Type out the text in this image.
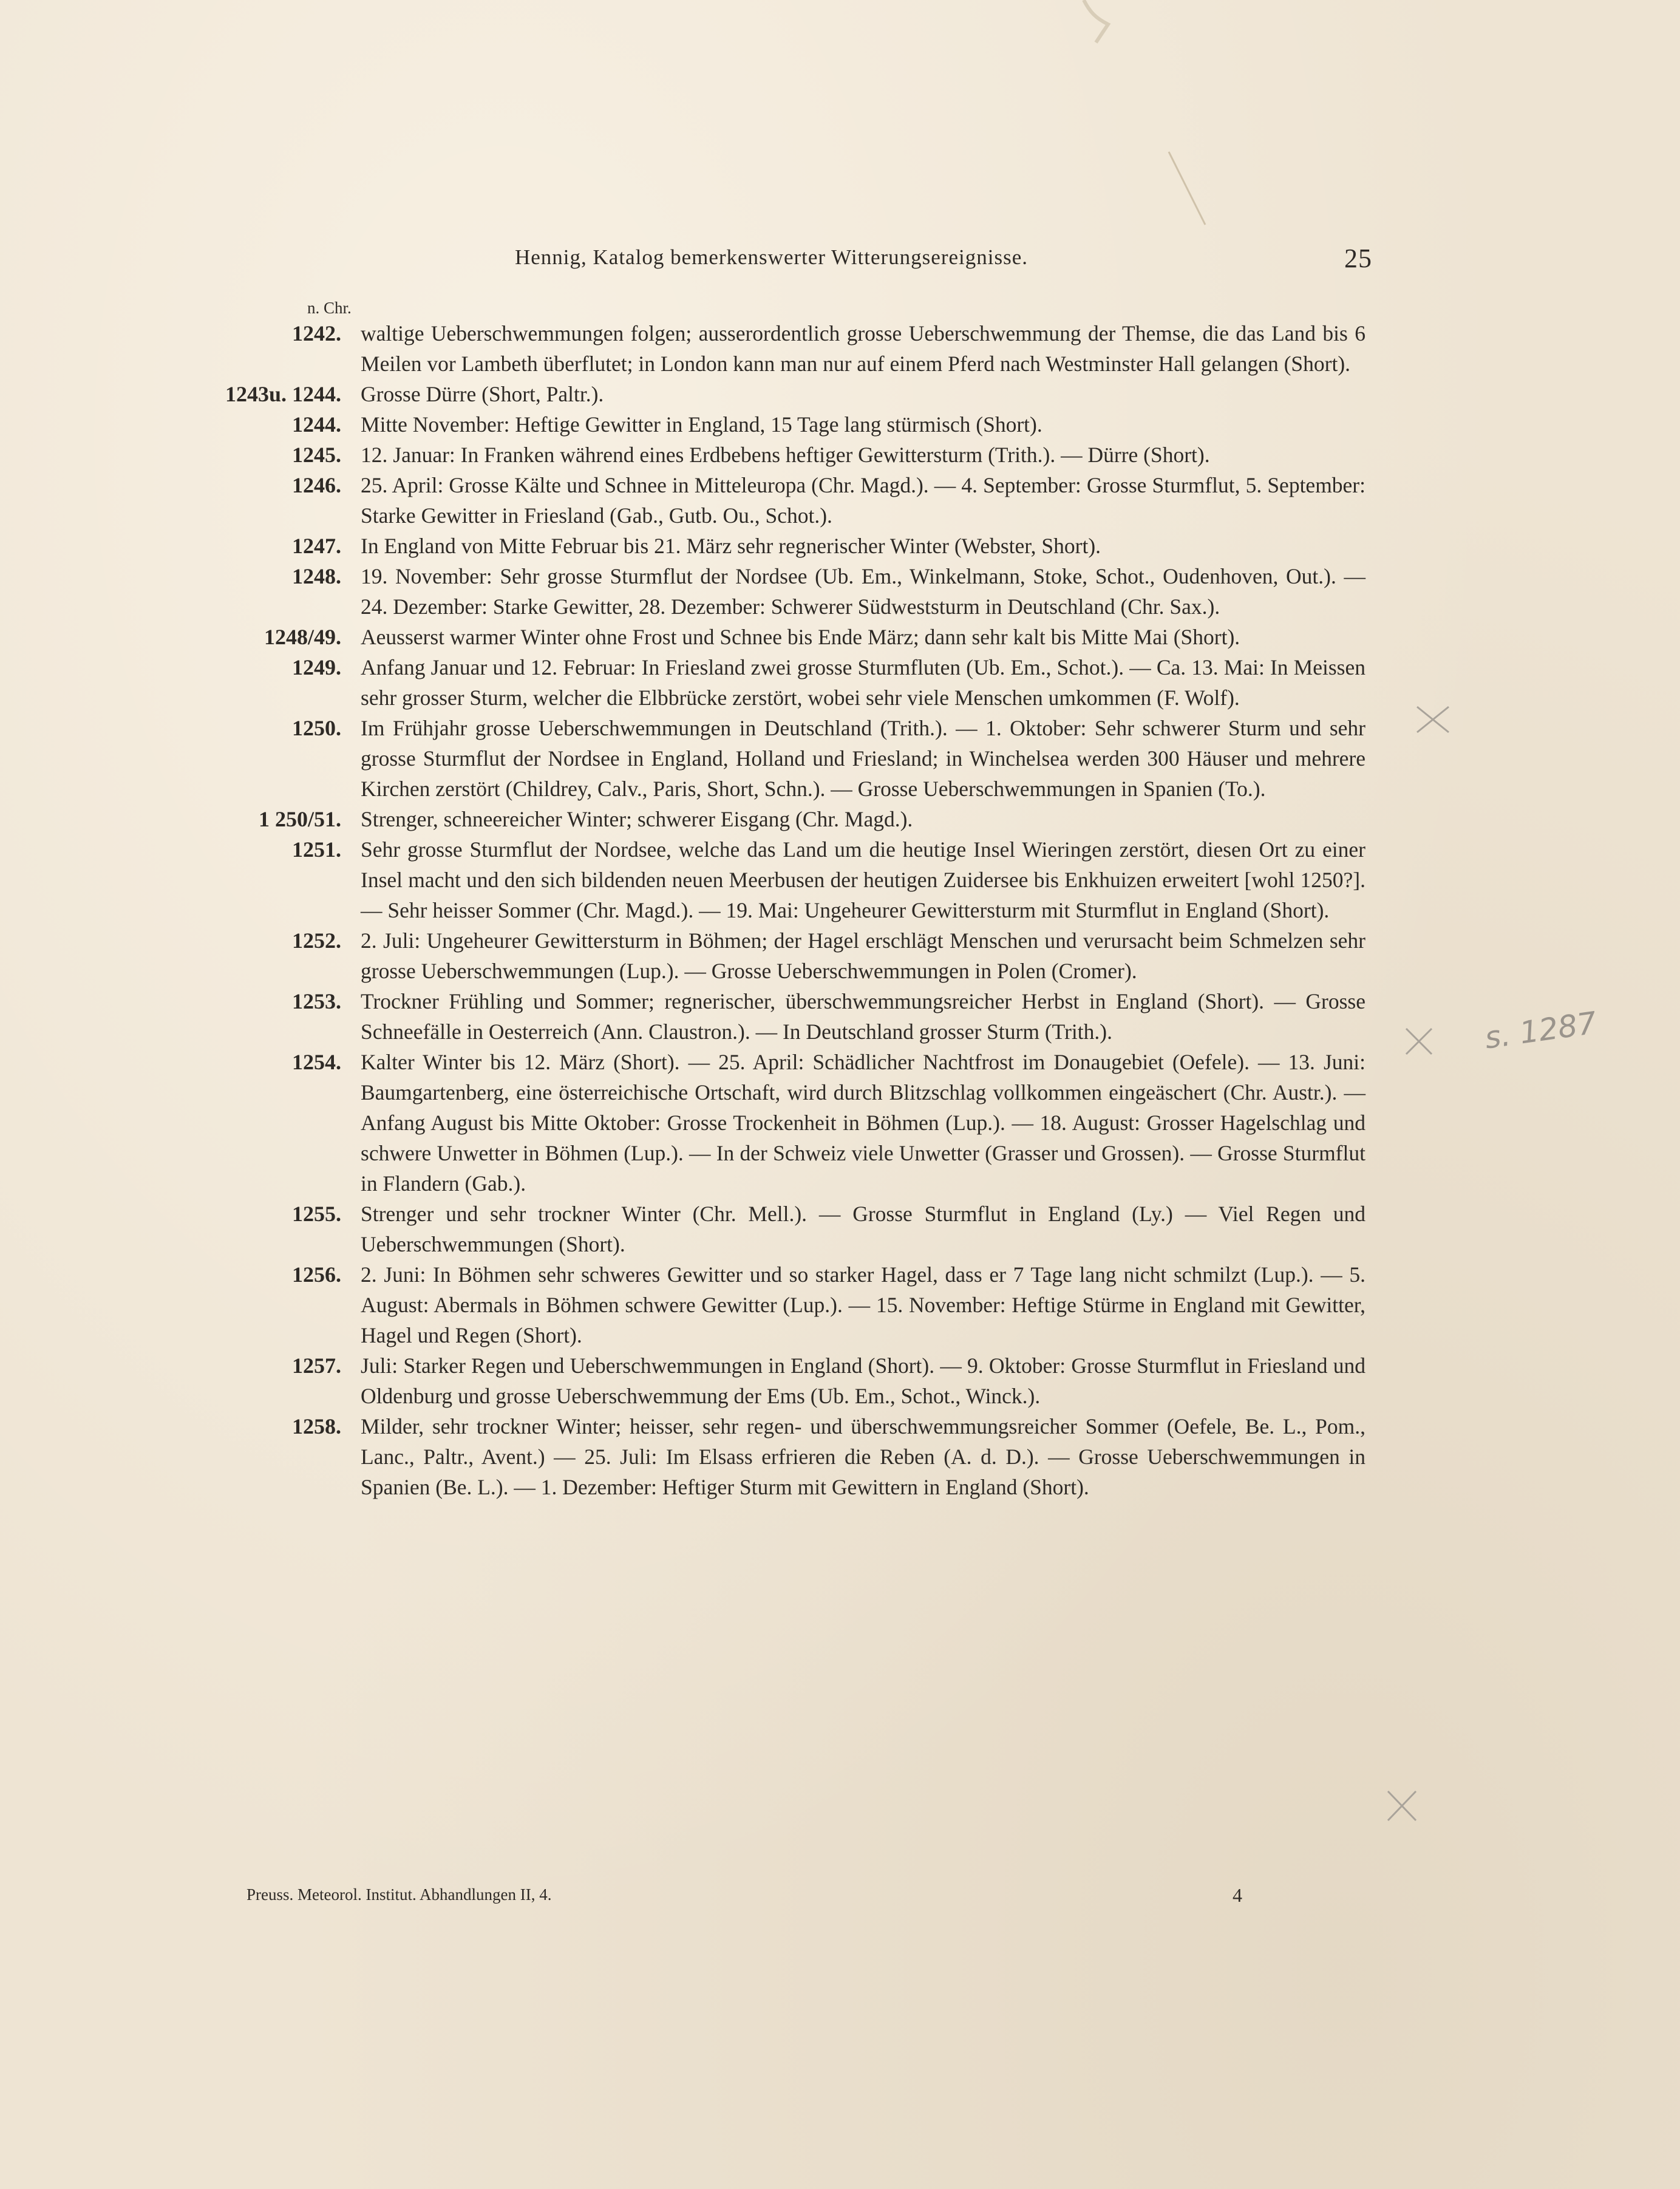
Hennig, Katalog bemerkenswerter Witterungsereignisse.	25
n. Chr.
1242. waltige Ueberschwemmungen folgen; ausserordentlich grosse Ueberschwemmung der Themse, die das Land bis 6 Meilen vor Lambeth überflutet; in London kann man nur auf einem Pferd nach Westminster Hall gelangen (Short).
1243u. 1244. Grosse Dürre (Short, Paltr.).
1244. Mitte November: Heftige Gewitter in England, 15 Tage lang stürmisch (Short).
1245. 12. Januar: In Franken während eines Erdbebens heftiger Gewittersturm (Trith.). — Dürre (Short).
1246. 25. April: Grosse Kälte und Schnee in Mitteleuropa (Chr. Magd.). — 4. September: Grosse Sturmflut, 5. September: Starke Gewitter in Friesland (Gab., Gutb. Ou., Schot.).
1247. In England von Mitte Februar bis 21. März sehr regnerischer Winter (Webster, Short).
1248. 19. November: Sehr grosse Sturmflut der Nordsee (Ub. Em., Winkelmann, Stoke, Schot., Oudenhoven, Out.). — 24. Dezember: Starke Gewitter, 28. Dezember: Schwerer Südweststurm in Deutschland (Chr. Sax.).
1248/49. Aeusserst warmer Winter ohne Frost und Schnee bis Ende März; dann sehr kalt bis Mitte Mai (Short).
1249. Anfang Januar und 12. Februar: In Friesland zwei grosse Sturmfluten (Ub. Em., Schot.). — Ca. 13. Mai: In Meissen sehr grosser Sturm, welcher die Elbbrücke zerstört, wobei sehr viele Menschen umkommen (F. Wolf).
1250. Im Frühjahr grosse Ueberschwemmungen in Deutschland (Trith.). — 1. Oktober: Sehr schwerer Sturm und sehr grosse Sturmflut der Nordsee in England, Holland und Friesland; in Winchelsea werden 300 Häuser und mehrere Kirchen zerstört (Childrey, Calv., Paris, Short, Schn.). — Grosse Ueberschwemmungen in Spanien (To.).
1 250/51. Strenger, schneereicher Winter; schwerer Eisgang (Chr. Magd.).
1251. Sehr grosse Sturmflut der Nordsee, welche das Land um die heutige Insel Wieringen zerstört, diesen Ort zu einer Insel macht und den sich bildenden neuen Meerbusen der heutigen Zuidersee bis Enkhuizen erweitert [wohl 1250?]. — Sehr heisser Sommer (Chr. Magd.). — 19. Mai: Ungeheurer Gewittersturm mit Sturmflut in England (Short).
1252. 2. Juli: Ungeheurer Gewittersturm in Böhmen; der Hagel erschlägt Menschen und verursacht beim Schmelzen sehr grosse Ueberschwemmungen (Lup.). — Grosse Ueberschwemmungen in Polen (Cromer).
1253. Trockner Frühling und Sommer; regnerischer, überschwemmungsreicher Herbst in England (Short). — Grosse Schneefälle in Oesterreich (Ann. Claustron.). — In Deutschland grosser Sturm (Trith.).
1254. Kalter Winter bis 12. März (Short). — 25. April: Schädlicher Nachtfrost im Donaugebiet (Oefele). — 13. Juni: Baumgartenberg, eine österreichische Ortschaft, wird durch Blitzschlag vollkommen eingeäschert (Chr. Austr.). — Anfang August bis Mitte Oktober: Grosse Trockenheit in Böhmen (Lup.). — 18. August: Grosser Hagelschlag und schwere Unwetter in Böhmen (Lup.). — In der Schweiz viele Unwetter (Grasser und Grossen). — Grosse Sturmflut in Flandern (Gab.).
1255. Strenger und sehr trockner Winter (Chr. Mell.). — Grosse Sturmflut in England (Ly.) — Viel Regen und Ueberschwemmungen (Short).
1256. 2. Juni: In Böhmen sehr schweres Gewitter und so starker Hagel, dass er 7 Tage lang nicht schmilzt (Lup.). — 5. August: Abermals in Böhmen schwere Gewitter (Lup.). — 15. November: Heftige Stürme in England mit Gewitter, Hagel und Regen (Short).
1257. Juli: Starker Regen und Ueberschwemmungen in England (Short). — 9. Oktober: Grosse Sturmflut in Friesland und Oldenburg und grosse Ueberschwemmung der Ems (Ub. Em., Schot., Winck.).
1258. Milder, sehr trockner Winter; heisser, sehr regen- und überschwemmungsreicher Sommer (Oefele, Be. L., Pom., Lanc., Paltr., Avent.) — 25. Juli: Im Elsass erfrieren die Reben (A. d. D.). — Grosse Ueberschwemmungen in Spanien (Be. L.). — 1. Dezember: Heftiger Sturm mit Gewittern in England (Short).
s. 1287
Preuss. Meteorol. Institut. Abhandlungen II, 4.	4
